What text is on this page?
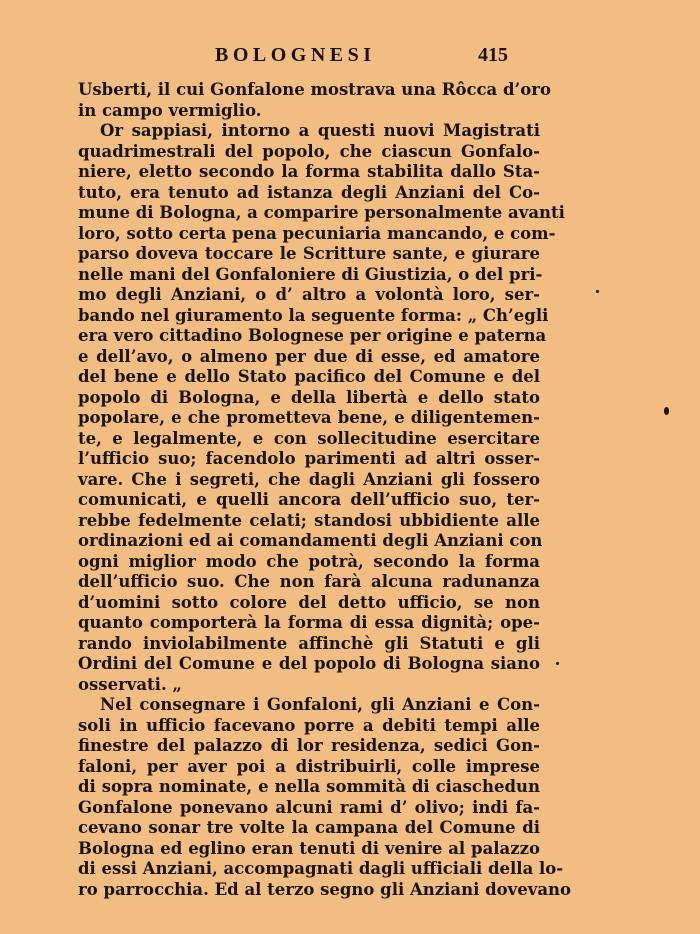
BOLOGNESI	415
Usberti, il cui Gonfalone mostrava una Rôcca d’oro
in campo vermiglio.
Or sappiasi, intorno a questi nuovi Magistrati
quadrimestrali del popolo, che ciascun Gonfalo-
niere, eletto secondo la forma stabilita dallo Sta-
tuto, era tenuto ad istanza degli Anziani del Co-
mune di Bologna, a comparire personalmente avanti
loro, sotto certa pena pecuniaria mancando, e com-
parso doveva toccare le Scritture sante, e giurare
nelle mani del Gonfaloniere di Giustizia, o del pri-
mo degli Anziani, o d’ altro a volontà loro, ser-
bando nel giuramento la seguente forma: „ Ch’egli
era vero cittadino Bolognese per origine e paterna
e dell’avo, o almeno per due di esse, ed amatore
del bene e dello Stato pacifico del Comune e del
popolo di Bologna, e della libertà e dello stato
popolare, e che prometteva bene, e diligentemen-
te, e legalmente, e con sollecitudine esercitare
l’ufficio suo; facendolo parimenti ad altri osser-
vare. Che i segreti, che dagli Anziani gli fossero
comunicati, e quelli ancora dell’ufficio suo, ter-
rebbe fedelmente celati; standosi ubbidiente alle
ordinazioni ed ai comandamenti degli Anziani con
ogni miglior modo che potrà, secondo la forma
dell’ufficio suo. Che non farà alcuna radunanza
d’uomini sotto colore del detto ufficio, se non
quanto comporterà la forma di essa dignità; ope-
rando inviolabilmente affinchè gli Statuti e gli
Ordini del Comune e del popolo di Bologna siano
osservati. „
Nel consegnare i Gonfaloni, gli Anziani e Con-
soli in ufficio facevano porre a debiti tempi alle
finestre del palazzo di lor residenza, sedici Gon-
faloni, per aver poi a distribuirli, colle imprese
di sopra nominate, e nella sommità di ciaschedun
Gonfalone ponevano alcuni rami d’ olivo; indi fa-
cevano sonar tre volte la campana del Comune di
Bologna ed eglino eran tenuti di venire al palazzo
di essi Anziani, accompagnati dagli ufficiali della lo-
ro parrocchia. Ed al terzo segno gli Anziani dovevano
